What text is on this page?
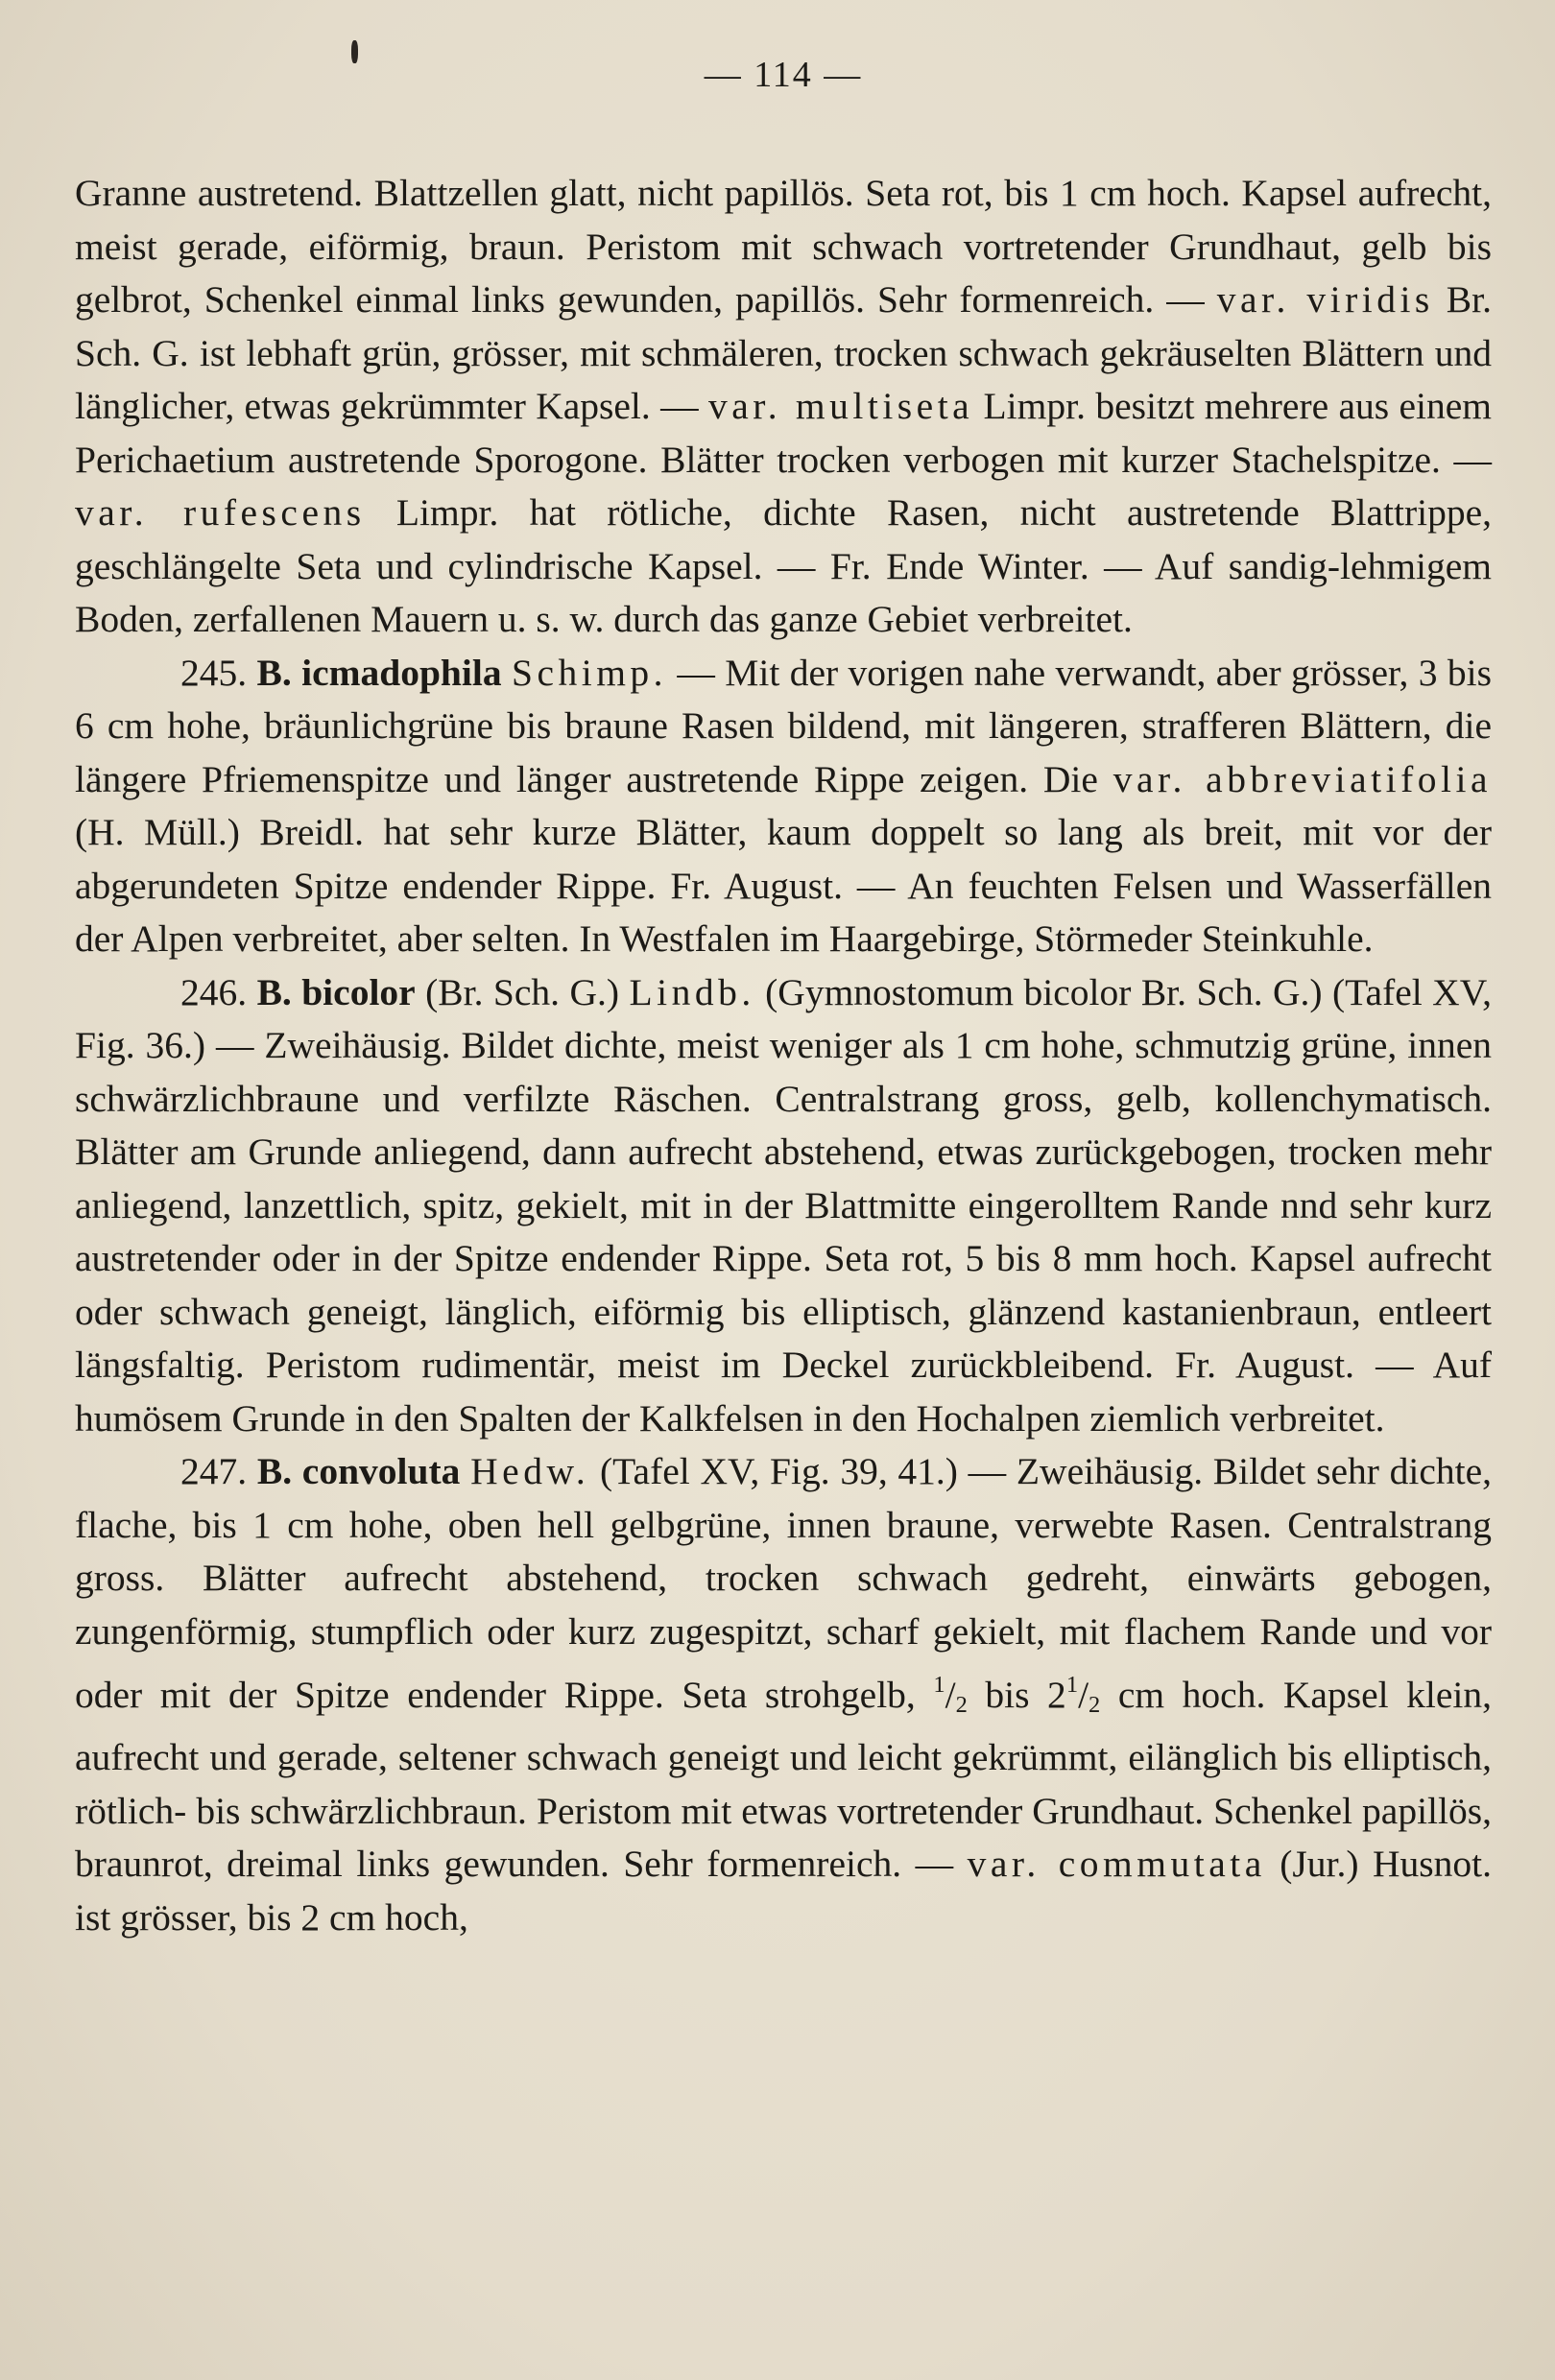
— 114 —

Granne austretend. Blattzellen glatt, nicht papillös. Seta rot, bis 1 cm hoch. Kapsel aufrecht, meist gerade, eiförmig, braun. Peristom mit schwach vortretender Grundhaut, gelb bis gelbrot, Schenkel einmal links gewunden, papillös. Sehr formenreich. — var. viridis Br. Sch. G. ist lebhaft grün, grösser, mit schmäleren, trocken schwach gekräuselten Blättern und länglicher, etwas gekrümmter Kapsel. — var. multiseta Limpr. besitzt mehrere aus einem Perichaetium austretende Sporogone. Blätter trocken verbogen mit kurzer Stachelspitze. — var. rufescens Limpr. hat rötliche, dichte Rasen, nicht austretende Blattrippe, geschlängelte Seta und cylindrische Kapsel. — Fr. Ende Winter. — Auf sandig-lehmigem Boden, zerfallenen Mauern u. s. w. durch das ganze Gebiet verbreitet.

245. B. icmadophila Schimp. — Mit der vorigen nahe verwandt, aber grösser, 3 bis 6 cm hohe, bräunlichgrüne bis braune Rasen bildend, mit längeren, strafferen Blättern, die längere Pfriemenspitze und länger austretende Rippe zeigen. Die var. abbreviatifolia (H. Müll.) Breidl. hat sehr kurze Blätter, kaum doppelt so lang als breit, mit vor der abgerundeten Spitze endender Rippe. Fr. August. — An feuchten Felsen und Wasserfällen der Alpen verbreitet, aber selten. In Westfalen im Haargebirge, Störmeder Steinkuhle.

246. B. bicolor (Br. Sch. G.) Lindb. (Gymnostomum bicolor Br. Sch. G.) (Tafel XV, Fig. 36.) — Zweihäusig. Bildet dichte, meist weniger als 1 cm hohe, schmutzig grüne, innen schwärzlichbraune und verfilzte Räschen. Centralstrang gross, gelb, kollenchymatisch. Blätter am Grunde anliegend, dann aufrecht abstehend, etwas zurückgebogen, trocken mehr anliegend, lanzettlich, spitz, gekielt, mit in der Blattmitte eingerolltem Rande nnd sehr kurz austretender oder in der Spitze endender Rippe. Seta rot, 5 bis 8 mm hoch. Kapsel aufrecht oder schwach geneigt, länglich, eiförmig bis elliptisch, glänzend kastanienbraun, entleert längsfaltig. Peristom rudimentär, meist im Deckel zurückbleibend. Fr. August. — Auf humösem Grunde in den Spalten der Kalkfelsen in den Hochalpen ziemlich verbreitet.

247. B. convoluta Hedw. (Tafel XV, Fig. 39, 41.) — Zweihäusig. Bildet sehr dichte, flache, bis 1 cm hohe, oben hell gelbgrüne, innen braune, verwebte Rasen. Centralstrang gross. Blätter aufrecht abstehend, trocken schwach gedreht, einwärts gebogen, zungenförmig, stumpflich oder kurz zugespitzt, scharf gekielt, mit flachem Rande und vor oder mit der Spitze endender Rippe. Seta strohgelb, $^1/_2$ bis $2^1/_2$ cm hoch. Kapsel klein, aufrecht und gerade, seltener schwach geneigt und leicht gekrümmt, eilänglich bis elliptisch, rötlich- bis schwärzlichbraun. Peristom mit etwas vortretender Grundhaut. Schenkel papillös, braunrot, dreimal links gewunden. Sehr formenreich. — var. commutata (Jur.) Husnot. ist grösser, bis 2 cm hoch,
